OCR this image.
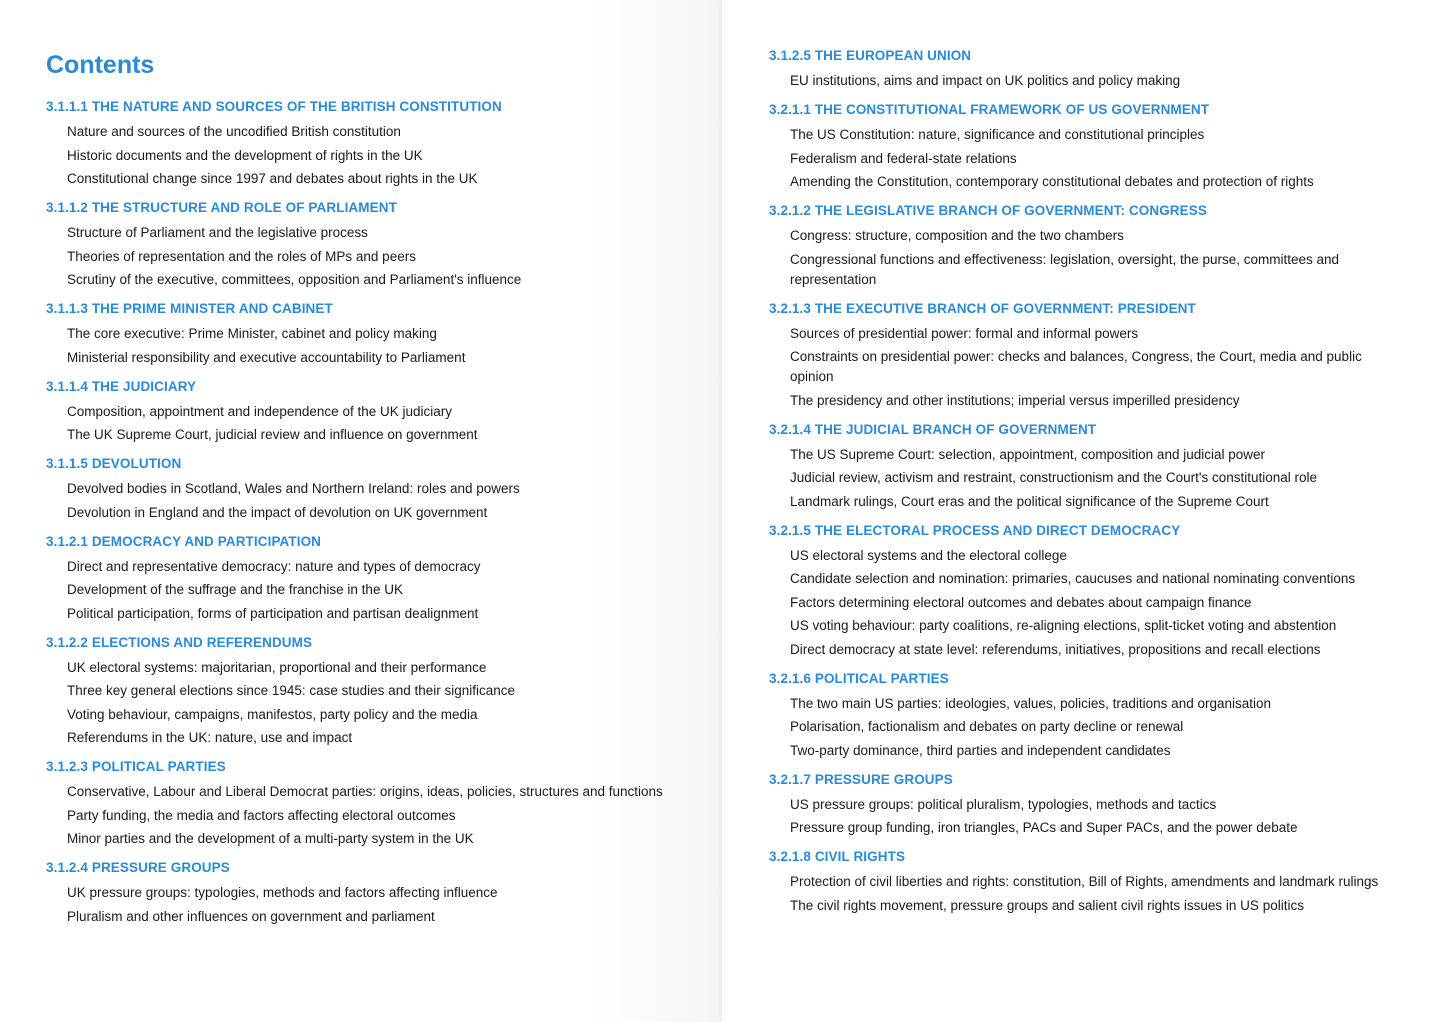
Contents
3.1.1.1 THE NATURE AND SOURCES OF THE BRITISH CONSTITUTION
Nature and sources of the uncodified British constitution
Historic documents and the development of rights in the UK
Constitutional change since 1997 and debates about rights in the UK
3.1.1.2 THE STRUCTURE AND ROLE OF PARLIAMENT
Structure of Parliament and the legislative process
Theories of representation and the roles of MPs and peers
Scrutiny of the executive, committees, opposition and Parliament's influence
3.1.1.3 THE PRIME MINISTER AND CABINET
The core executive: Prime Minister, cabinet and policy making
Ministerial responsibility and executive accountability to Parliament
3.1.1.4 THE JUDICIARY
Composition, appointment and independence of the UK judiciary
The UK Supreme Court, judicial review and influence on government
3.1.1.5 DEVOLUTION
Devolved bodies in Scotland, Wales and Northern Ireland: roles and powers
Devolution in England and the impact of devolution on UK government
3.1.2.1 DEMOCRACY AND PARTICIPATION
Direct and representative democracy: nature and types of democracy
Development of the suffrage and the franchise in the UK
Political participation, forms of participation and partisan dealignment
3.1.2.2 ELECTIONS AND REFERENDUMS
UK electoral systems: majoritarian, proportional and their performance
Three key general elections since 1945: case studies and their significance
Voting behaviour, campaigns, manifestos, party policy and the media
Referendums in the UK: nature, use and impact
3.1.2.3 POLITICAL PARTIES
Conservative, Labour and Liberal Democrat parties: origins, ideas, policies, structures and functions
Party funding, the media and factors affecting electoral outcomes
Minor parties and the development of a multi-party system in the UK
3.1.2.4 PRESSURE GROUPS
UK pressure groups: typologies, methods and factors affecting influence
Pluralism and other influences on government and parliament
3.1.2.5 THE EUROPEAN UNION
EU institutions, aims and impact on UK politics and policy making
3.2.1.1 THE CONSTITUTIONAL FRAMEWORK OF US GOVERNMENT
The US Constitution: nature, significance and constitutional principles
Federalism and federal-state relations
Amending the Constitution, contemporary constitutional debates and protection of rights
3.2.1.2 THE LEGISLATIVE BRANCH OF GOVERNMENT: CONGRESS
Congress: structure, composition and the two chambers
Congressional functions and effectiveness: legislation, oversight, the purse, committees and representation
3.2.1.3 THE EXECUTIVE BRANCH OF GOVERNMENT: PRESIDENT
Sources of presidential power: formal and informal powers
Constraints on presidential power: checks and balances, Congress, the Court, media and public opinion
The presidency and other institutions; imperial versus imperilled presidency
3.2.1.4 THE JUDICIAL BRANCH OF GOVERNMENT
The US Supreme Court: selection, appointment, composition and judicial power
Judicial review, activism and restraint, constructionism and the Court's constitutional role
Landmark rulings, Court eras and the political significance of the Supreme Court
3.2.1.5 THE ELECTORAL PROCESS AND DIRECT DEMOCRACY
US electoral systems and the electoral college
Candidate selection and nomination: primaries, caucuses and national nominating conventions
Factors determining electoral outcomes and debates about campaign finance
US voting behaviour: party coalitions, re-aligning elections, split-ticket voting and abstention
Direct democracy at state level: referendums, initiatives, propositions and recall elections
3.2.1.6 POLITICAL PARTIES
The two main US parties: ideologies, values, policies, traditions and organisation
Polarisation, factionalism and debates on party decline or renewal
Two-party dominance, third parties and independent candidates
3.2.1.7 PRESSURE GROUPS
US pressure groups: political pluralism, typologies, methods and tactics
Pressure group funding, iron triangles, PACs and Super PACs, and the power debate
3.2.1.8 CIVIL RIGHTS
Protection of civil liberties and rights: constitution, Bill of Rights, amendments and landmark rulings
The civil rights movement, pressure groups and salient civil rights issues in US politics
